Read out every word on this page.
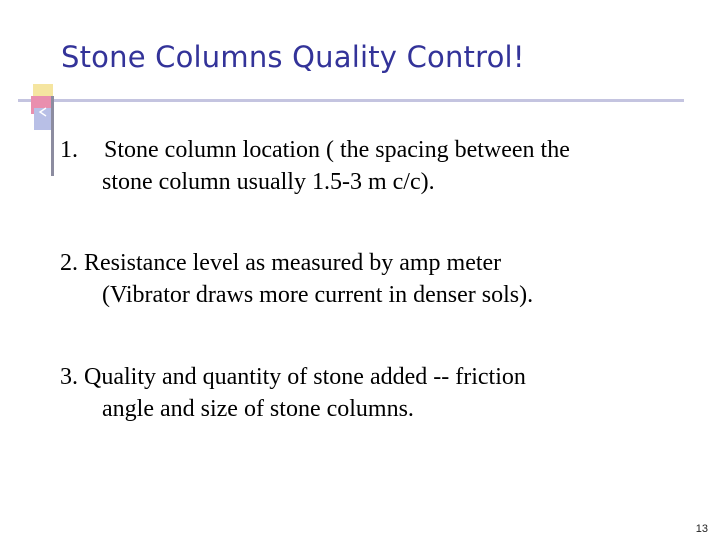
Stone Columns Quality Control!
1. Stone column location ( the spacing between the
stone column usually 1.5-3 m c/c).
2. Resistance level as measured by amp meter
(Vibrator draws more current in denser sols).
3. Quality and quantity of stone added -- friction
angle and size of stone columns.
13
